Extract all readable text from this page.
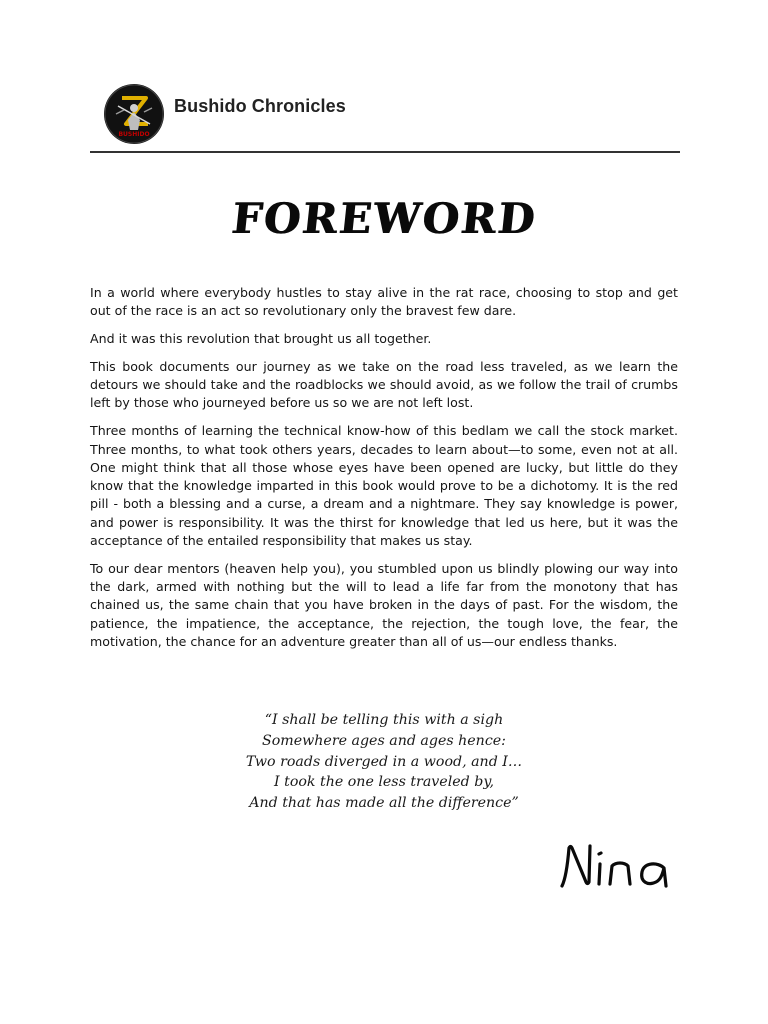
BUSHIDO
Bushido Chronicles
FOREWORD

In a world where everybody hustles to stay alive in the rat race, choosing to stop and get out of the race is an act so revolutionary only the bravest few dare.

And it was this revolution that brought us all together.

This book documents our journey as we take on the road less traveled, as we learn the detours we should take and the roadblocks we should avoid, as we follow the trail of crumbs left by those who journeyed before us so we are not left lost.

Three months of learning the technical know-how of this bedlam we call the stock market. Three months, to what took others years, decades to learn about—to some, even not at all. One might think that all those whose eyes have been opened are lucky, but little do they know that the knowledge imparted in this book would prove to be a dichotomy. It is the red pill - both a blessing and a curse, a dream and a nightmare. They say knowledge is power, and power is responsibility. It was the thirst for knowledge that led us here, but it was the acceptance of the entailed responsibility that makes us stay.

To our dear mentors (heaven help you), you stumbled upon us blindly plowing our way into the dark, armed with nothing but the will to lead a life far from the monotony that has chained us, the same chain that you have broken in the days of past. For the wisdom, the patience, the impatience, the acceptance, the rejection, the tough love, the fear, the motivation, the chance for an adventure greater than all of us—our endless thanks.

“I shall be telling this with a sigh
Somewhere ages and ages hence:
Two roads diverged in a wood, and I…
I took the one less traveled by,
And that has made all the difference”
